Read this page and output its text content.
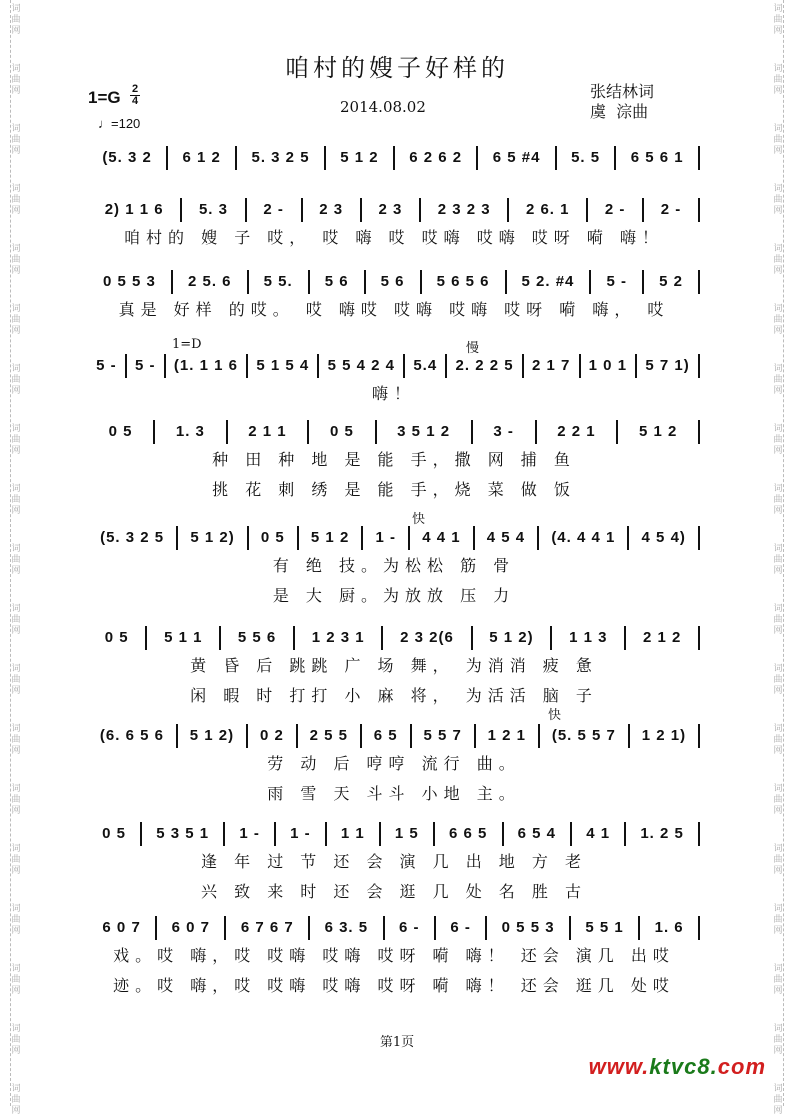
词
曲
网
词
曲
网
词
曲
网
词
曲
网
词
曲
网
词
曲
网
词
曲
网
词
曲
网
词
曲
网
词
曲
网
词
曲
网
词
曲
网
词
曲
网
词
曲
网
词
曲
网
词
曲
网
词
曲
网
词
曲
网
词
曲
网
词
曲
网
词
曲
网
词
曲
网
词
曲
网
词
曲
网
词
曲
网
词
曲
网
词
曲
网
词
曲
网
词
曲
网
词
曲
网
词
曲
网
词
曲
网
词
曲
网
词
曲
网
词
曲
网
词
曲
网
词
曲
网
词
曲
网
咱村的嫂子好样的
1=G 2
4
♩=120
2014.08.02
张结林词
虞  淙曲
1=D	慢
快
快
(5. 3 2	6 1 2	5. 3 2 5	5 1 2	6 2 6 2	6 5 #4	5. 5	6 5 6 1
2) 1 1 6	5. 3	2 -	2 3	2 3	2 3 2 3	2 6. 1	2 -	2 -
咱村的 嫂 子 哎， 哎 嗨 哎 哎嗨 哎嗨 哎呀 嗬 嗨！
0 5 5 3	2 5. 6	5 5.	5 6	5 6	5 6 5 6	5 2. #4	5 -	5 2
真是 好样 的哎。 哎 嗨哎 哎嗨 哎嗨 哎呀 嗬 嗨， 哎
5 -	5 -	(1. 1 1 6	5 1 5 4	5 5 4 2 4	5.4	2. 2 2 5	2 1 7	1 0 1	5 7 1)
嗨！
0 5	1. 3	2 1 1	0 5	3 5 1 2	3 -	2 2 1	5 1 2
种 田 种 地 是 能 手，撒 网 捕 鱼
挑 花 刺 绣 是 能 手，烧 菜 做 饭
(5. 3 2 5	5 1 2)	0 5	5 1 2	1 -	4 4 1	4 5 4	(4. 4 4 1	4 5 4)
有 绝 技。为松松 筋 骨
是 大 厨。为放放 压 力
0 5	5 1 1	5 5 6	1 2 3 1	2 3 2(6	5 1 2)	1 1 3	2 1 2
黄 昏 后 跳跳 广 场 舞， 为消消 疲 惫
闲 暇 时 打打 小 麻 将， 为活活 脑 子
(6. 6 5 6	5 1 2)	0 2	2 5 5	6 5	5 5 7	1 2 1	(5. 5 5 7	1 2 1)
劳 动 后 哼哼 流行 曲。
雨 雪 天 斗斗 小地 主。
0 5	5 3 5 1	1 -	1 -	1 1	1 5	6 6 5	6 5 4	4 1	1. 2 5
逢 年 过 节 还 会 演 几 出 地 方 老
兴 致 来 时 还 会 逛 几 处 名 胜 古
6 0 7	6 0 7	6 7 6 7	6 3. 5	6 -	6 -	0 5 5 3	5 5 1	1. 6
戏。哎 嗨，哎 哎嗨 哎嗨 哎呀 嗬 嗨！ 还会 演几 出哎
迹。哎 嗨，哎 哎嗨 哎嗨 哎呀 嗬 嗨！ 还会 逛几 处哎
第1页
www.ktvc8.com
